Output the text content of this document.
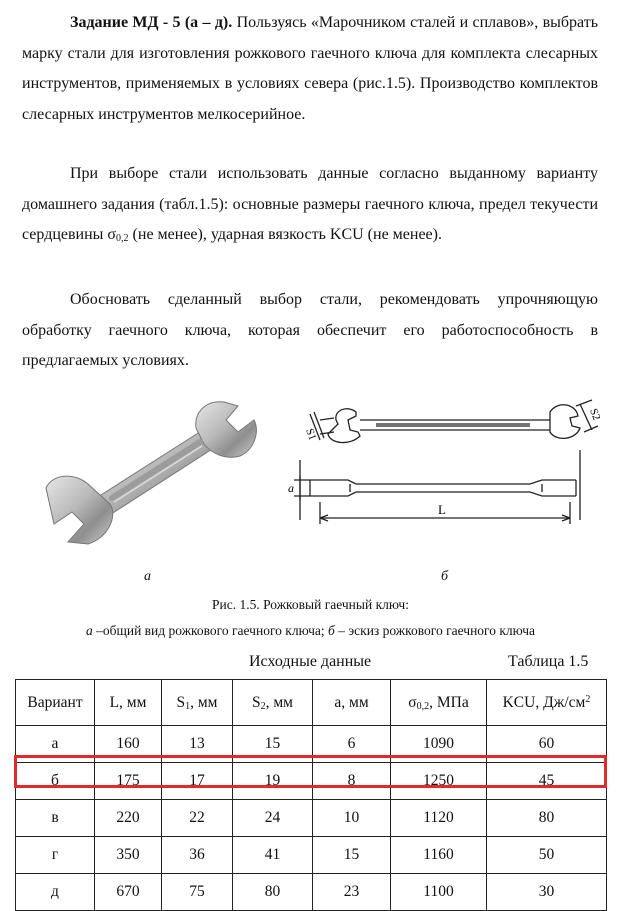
Задание МД - 5 (а – д). Пользуясь «Марочником сталей и сплавов», выбрать марку стали для изготовления рожкового гаечного ключа для комплекта слесарных инструментов, применяемых в условиях севера (рис.1.5). Производство комплектов слесарных инструментов мелкосерийное.

При выборе стали использовать данные согласно выданному варианту домашнего задания (табл.1.5): основные размеры гаечного ключа, предел текучести сердцевины $\sigma_{0,2}$ (не менее), ударная вязкость KCU (не менее).

Обосновать сделанный выбор стали, рекомендовать упрочняющую обработку гаечного ключа, которая обеспечит его работоспособность в предлагаемых условиях.

S1
S2
a
L
а	б
Рис. 1.5. Рожковый гаечный ключ:
а –общий вид рожкового гаечного ключа; б – эскиз рожкового гаечного ключа
Исходные данные	Таблица 1.5
Вариант	L, мм	$S_1$, мм	$S_2$, мм	a, мм	$\sigma_{0,2}$, МПа	KCU, $Дж/см^2$
а	160	13	15	6	1090	60
б	175	17	19	8	1250	45
в	220	22	24	10	1120	80
г	350	36	41	15	1160	50
д	670	75	80	23	1100	30
